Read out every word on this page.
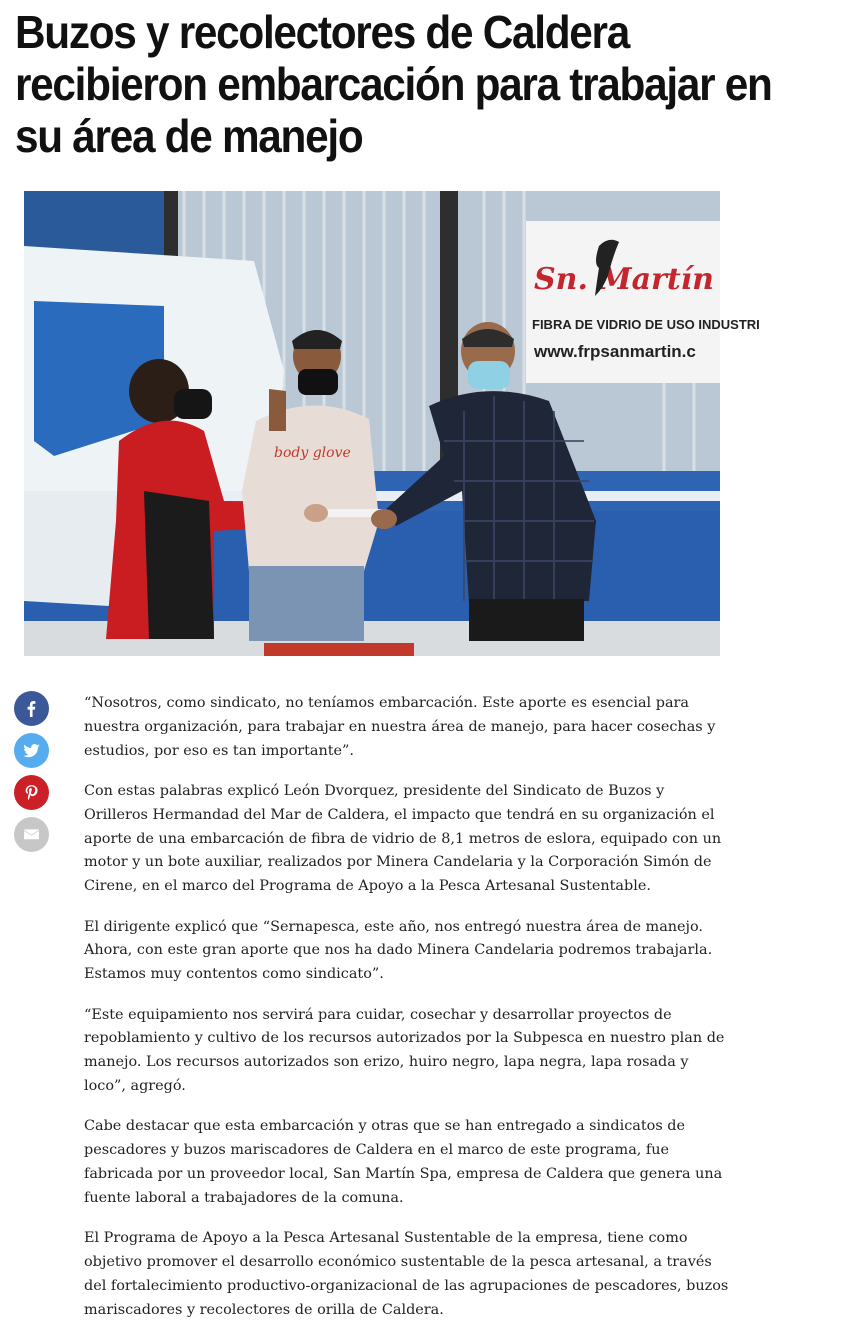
Buzos y recolectores de Caldera recibieron embarcación para trabajar en su área de manejo
Sn. Martín
FIBRA DE VIDRIO DE USO INDUSTRI
www.frpsanmartin.c
body glove

“Nosotros, como sindicato, no teníamos embarcación. Este aporte es esencial para nuestra organización, para trabajar en nuestra área de manejo, para hacer cosechas y estudios, por eso es tan importante”.

Con estas palabras explicó León Dvorquez, presidente del Sindicato de Buzos y Orilleros Hermandad del Mar de Caldera, el impacto que tendrá en su organización el aporte de una embarcación de fibra de vidrio de 8,1 metros de eslora, equipado con un motor y un bote auxiliar, realizados por Minera Candelaria y la Corporación Simón de Cirene, en el marco del Programa de Apoyo a la Pesca Artesanal Sustentable.

El dirigente explicó que “Sernapesca, este año, nos entregó nuestra área de manejo. Ahora, con este gran aporte que nos ha dado Minera Candelaria podremos trabajarla. Estamos muy contentos como sindicato”.

“Este equipamiento nos servirá para cuidar, cosechar y desarrollar proyectos de repoblamiento y cultivo de los recursos autorizados por la Subpesca en nuestro plan de manejo. Los recursos autorizados son erizo, huiro negro, lapa negra, lapa rosada y loco”, agregó.

Cabe destacar que esta embarcación y otras que se han entregado a sindicatos de pescadores y buzos mariscadores de Caldera en el marco de este programa, fue fabricada por un proveedor local, San Martín Spa, empresa de Caldera que genera una fuente laboral a trabajadores de la comuna.

El Programa de Apoyo a la Pesca Artesanal Sustentable de la empresa, tiene como objetivo promover el desarrollo económico sustentable de la pesca artesanal, a través del fortalecimiento productivo-organizacional de las agrupaciones de pescadores, buzos mariscadores y recolectores de orilla de Caldera.
